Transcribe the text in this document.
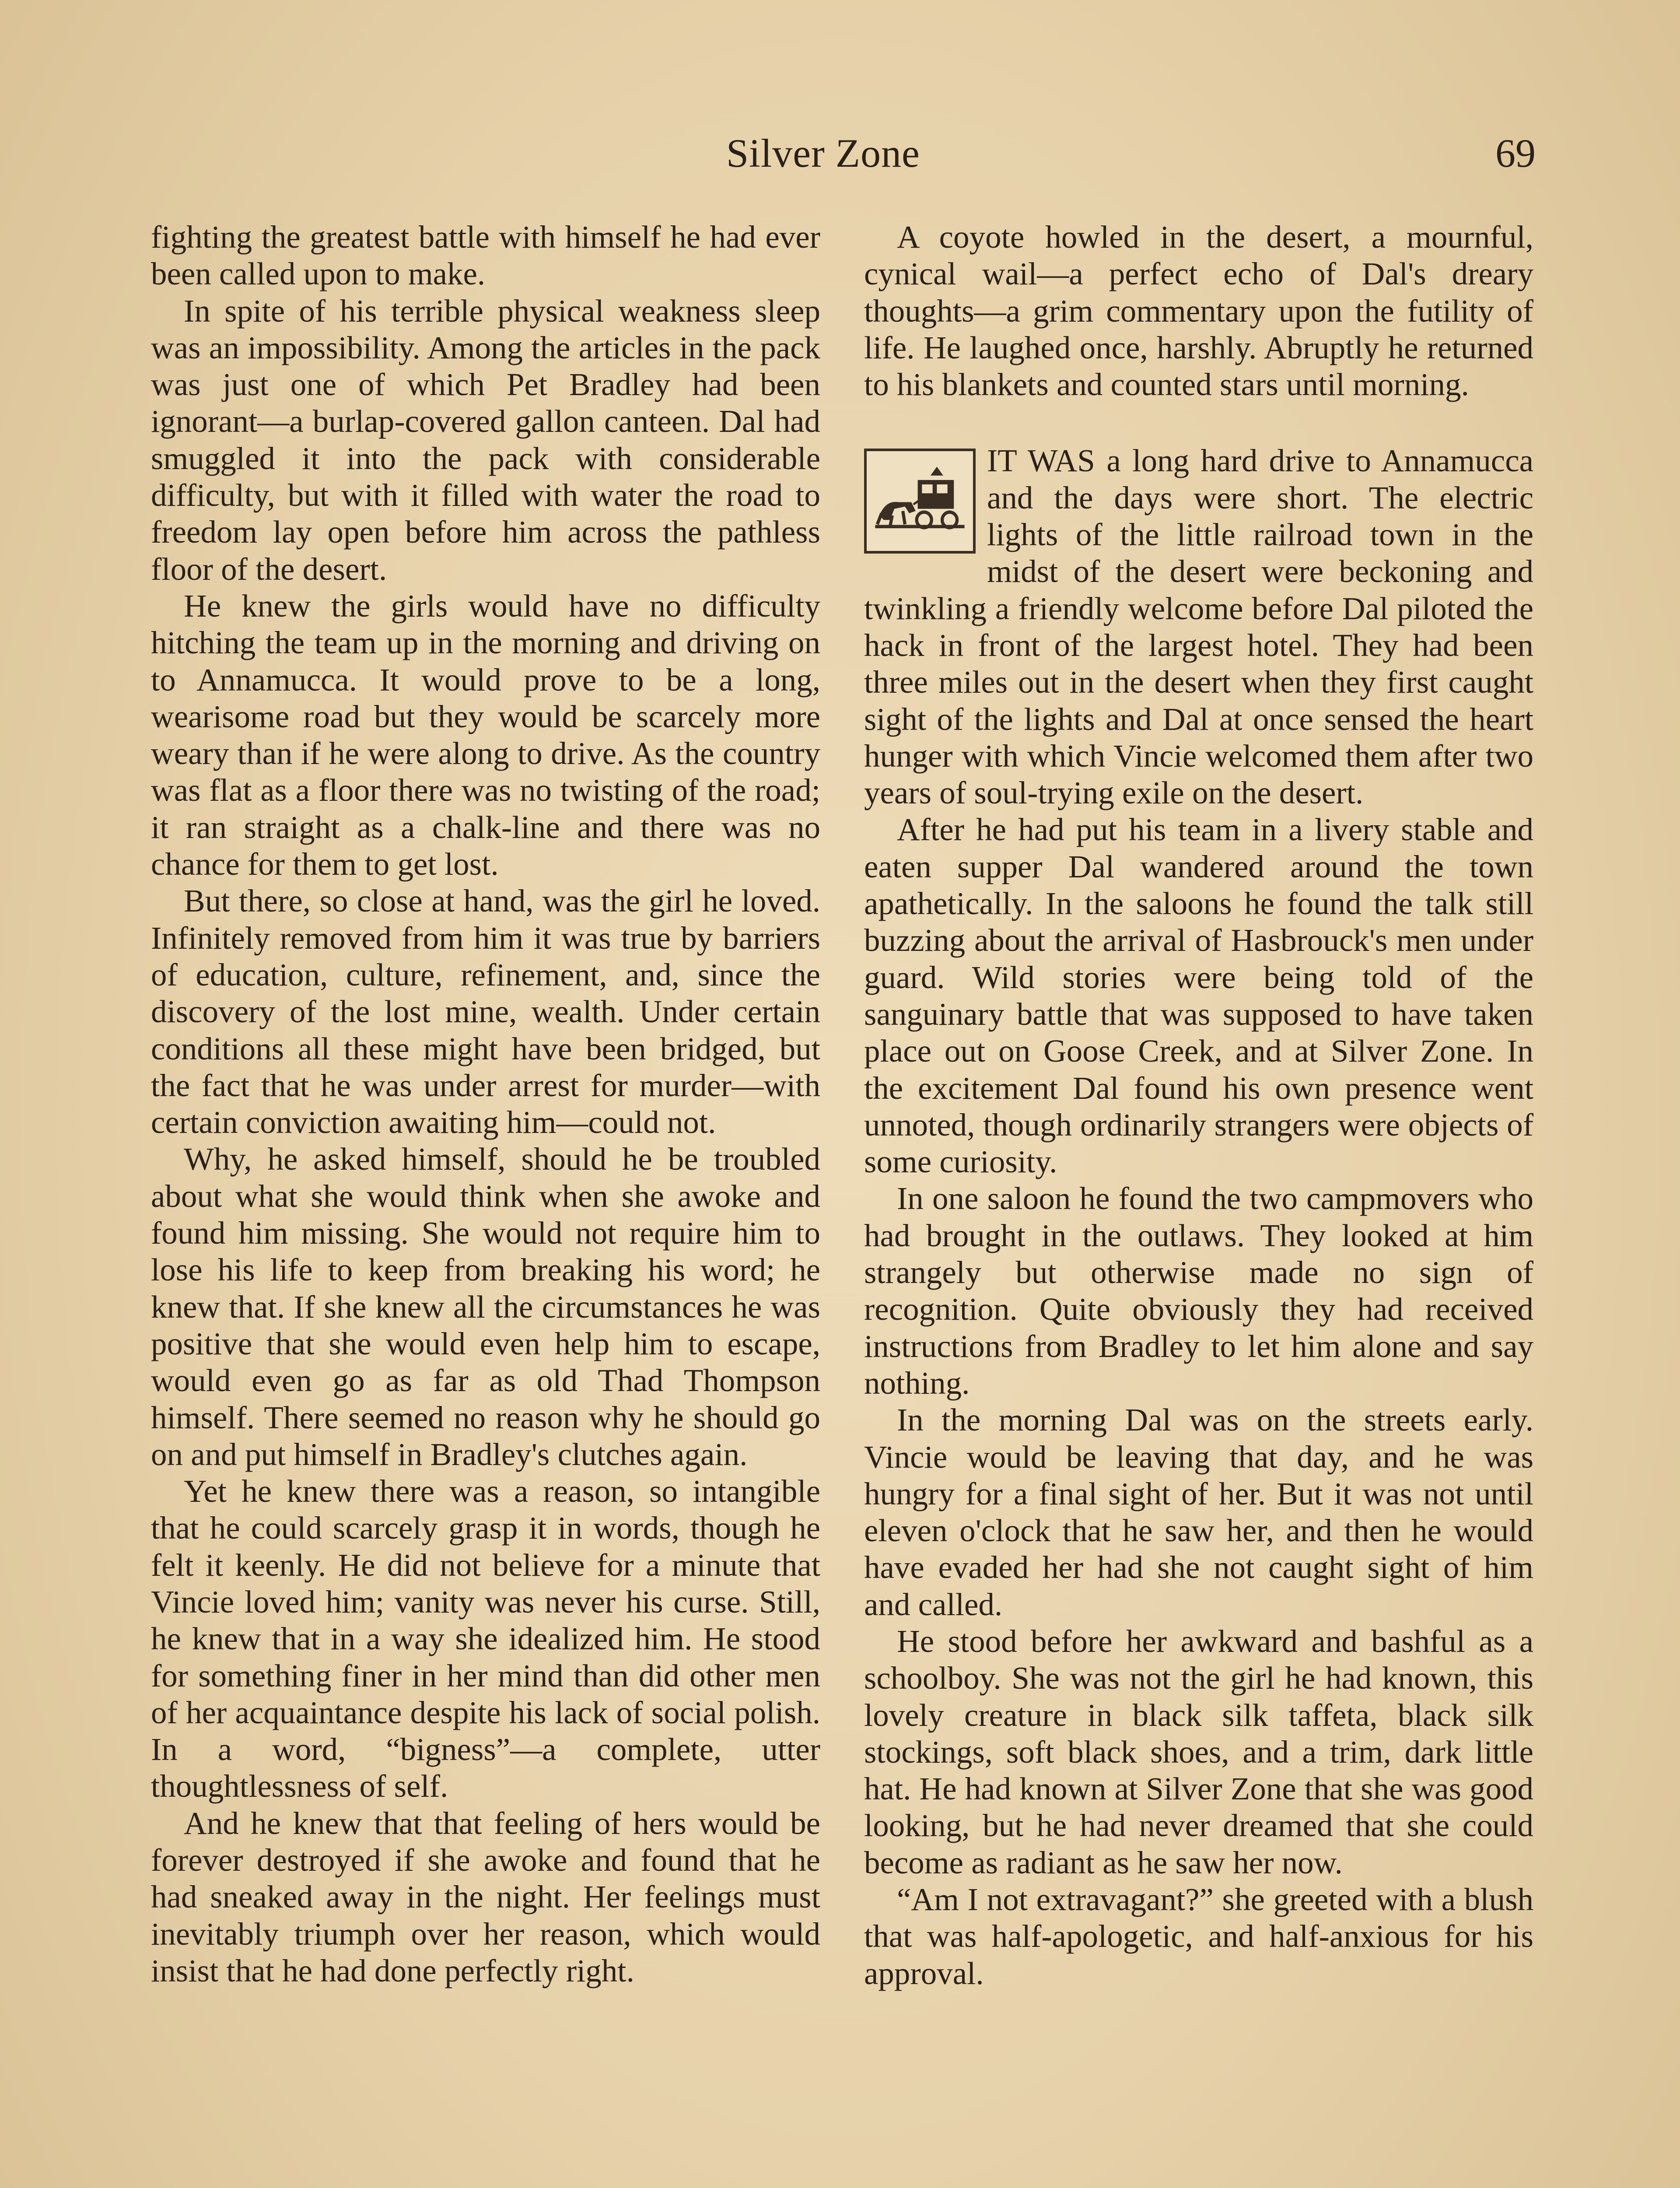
Silver Zone	69

fighting the greatest battle with himself he had ever been called upon to make.

In spite of his terrible physical weakness sleep was an impossibility. Among the articles in the pack was just one of which Pet Bradley had been ignorant—a burlap-covered gallon canteen. Dal had smuggled it into the pack with considerable difficulty, but with it filled with water the road to freedom lay open before him across the pathless floor of the desert.

He knew the girls would have no difficulty hitching the team up in the morning and driving on to Annamucca. It would prove to be a long, wearisome road but they would be scarcely more weary than if he were along to drive. As the country was flat as a floor there was no twisting of the road; it ran straight as a chalk-line and there was no chance for them to get lost.

But there, so close at hand, was the girl he loved. Infinitely removed from him it was true by barriers of education, culture, refinement, and, since the discovery of the lost mine, wealth. Under certain conditions all these might have been bridged, but the fact that he was under arrest for murder—with certain conviction awaiting him—could not.

Why, he asked himself, should he be troubled about what she would think when she awoke and found him missing. She would not require him to lose his life to keep from breaking his word; he knew that. If she knew all the circumstances he was positive that she would even help him to escape, would even go as far as old Thad Thompson himself. There seemed no reason why he should go on and put himself in Bradley's clutches again.

Yet he knew there was a reason, so intangible that he could scarcely grasp it in words, though he felt it keenly. He did not believe for a minute that Vincie loved him; vanity was never his curse. Still, he knew that in a way she idealized him. He stood for something finer in her mind than did other men of her acquaintance despite his lack of social polish. In a word, “bigness”—a complete, utter thoughtlessness of self.

And he knew that that feeling of hers would be forever destroyed if she awoke and found that he had sneaked away in the night. Her feelings must inevitably triumph over her reason, which would insist that he had done perfectly right.

A coyote howled in the desert, a mournful, cynical wail—a perfect echo of Dal's dreary thoughts—a grim commentary upon the futility of life. He laughed once, harshly. Abruptly he returned to his blankets and counted stars until morning.

IT WAS a long hard drive to Annamucca and the days were short. The electric lights of the little railroad town in the midst of the desert were beckoning and twinkling a friendly welcome before Dal piloted the hack in front of the largest hotel. They had been three miles out in the desert when they first caught sight of the lights and Dal at once sensed the heart hunger with which Vincie welcomed them after two years of soul-trying exile on the desert.

After he had put his team in a livery stable and eaten supper Dal wandered around the town apathetically. In the saloons he found the talk still buzzing about the arrival of Hasbrouck's men under guard. Wild stories were being told of the sanguinary battle that was supposed to have taken place out on Goose Creek, and at Silver Zone. In the excitement Dal found his own presence went unnoted, though ordinarily strangers were objects of some curiosity.

In one saloon he found the two campmovers who had brought in the outlaws. They looked at him strangely but otherwise made no sign of recognition. Quite obviously they had received instructions from Bradley to let him alone and say nothing.

In the morning Dal was on the streets early. Vincie would be leaving that day, and he was hungry for a final sight of her. But it was not until eleven o'clock that he saw her, and then he would have evaded her had she not caught sight of him and called.

He stood before her awkward and bashful as a schoolboy. She was not the girl he had known, this lovely creature in black silk taffeta, black silk stockings, soft black shoes, and a trim, dark little hat. He had known at Silver Zone that she was good looking, but he had never dreamed that she could become as radiant as he saw her now.

“Am I not extravagant?” she greeted with a blush that was half-apologetic, and half-anxious for his approval.
